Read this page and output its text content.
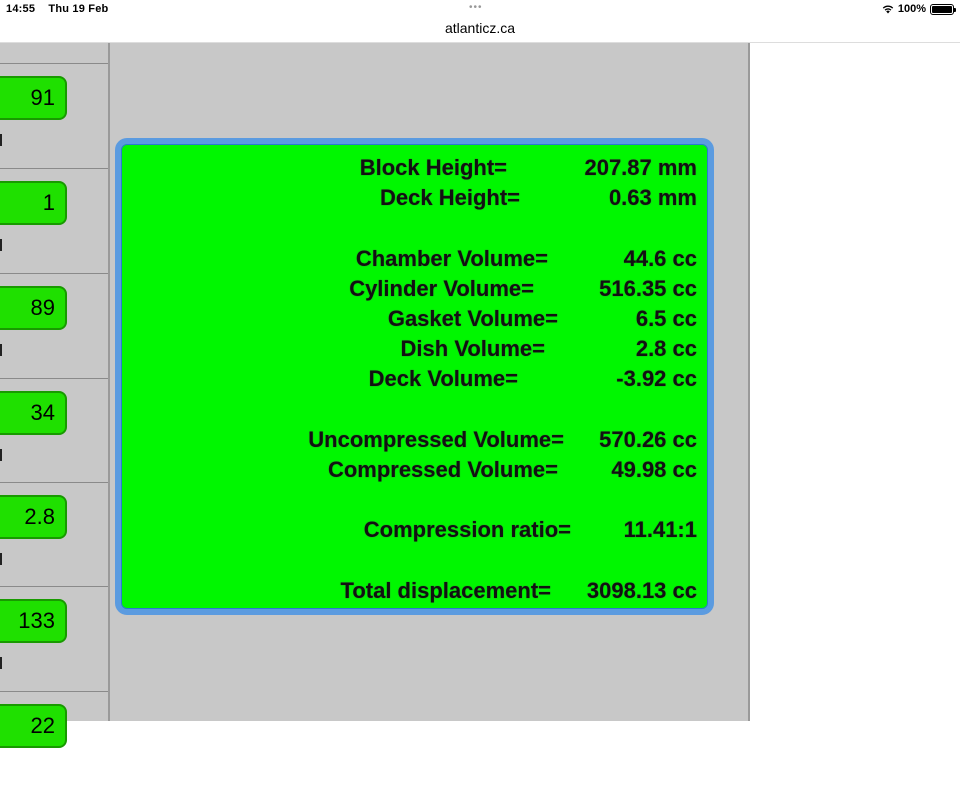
14:55 Thu 19 Feb	•••	100%
atlanticz.ca
91
1
89
34
2.8
133
22
Block Height=	207.87 mm
Deck Height=	0.63 mm
Chamber Volume=	44.6 cc
Cylinder Volume=	516.35 cc
Gasket Volume=	6.5 cc
Dish Volume=	2.8 cc
Deck Volume=	-3.92 cc
Uncompressed Volume= 570.26 cc
Compressed Volume= 49.98 cc
Compression ratio= 11.41:1
Total displacement= 3098.13 cc
